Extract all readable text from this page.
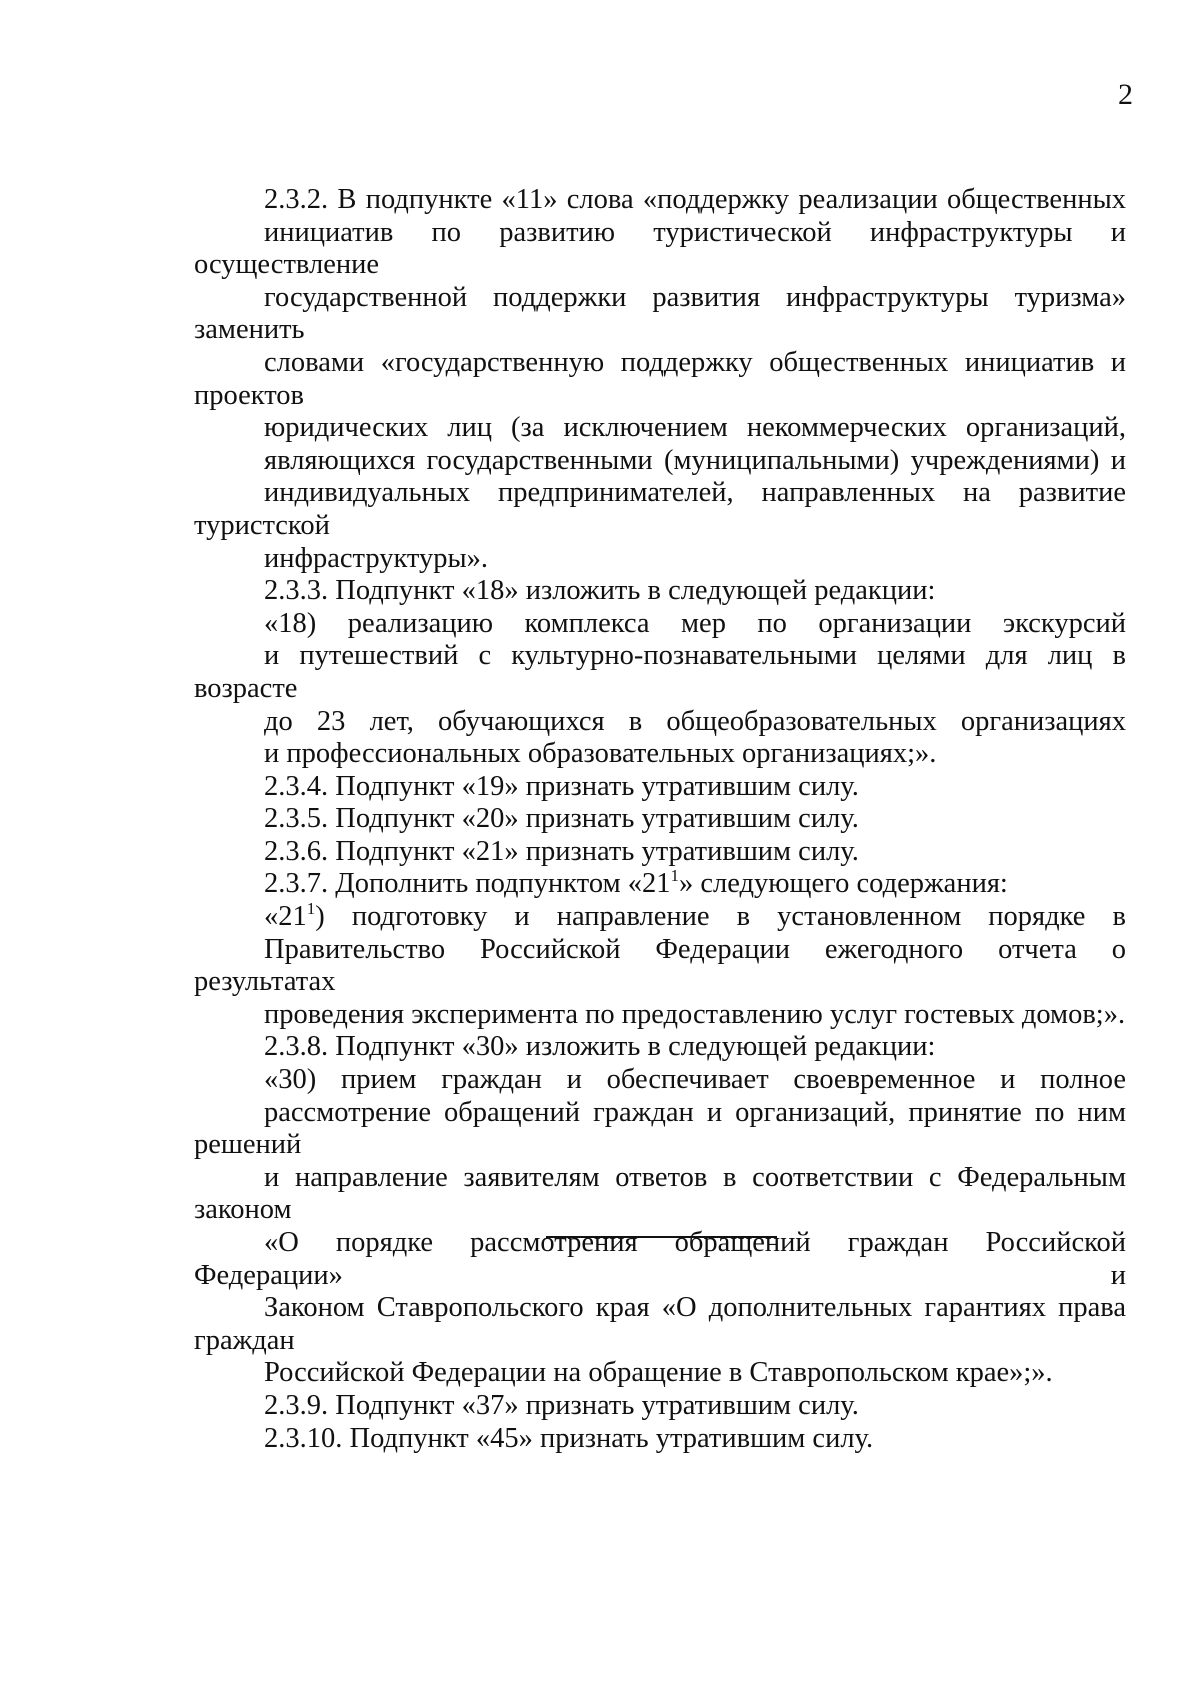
2
2.3.2. В подпункте «11» слова «поддержку реализации общественных
инициатив по развитию туристической инфраструктуры и осуществление
государственной поддержки развития инфраструктуры туризма» заменить
словами «государственную поддержку общественных инициатив и проектов
юридических лиц (за исключением некоммерческих организаций,
являющихся государственными (муниципальными) учреждениями) и
индивидуальных предпринимателей, направленных на развитие туристской
инфраструктуры».
2.3.3. Подпункт «18» изложить в следующей редакции:
«18) реализацию комплекса мер по организации экскурсий
и путешествий с культурно-познавательными целями для лиц в возрасте
до 23 лет, обучающихся в общеобразовательных организациях
и профессиональных образовательных организациях;».
2.3.4. Подпункт «19» признать утратившим силу.
2.3.5. Подпункт «20» признать утратившим силу.
2.3.6. Подпункт «21» признать утратившим силу.
2.3.7. Дополнить подпунктом «$21^1$» следующего содержания:
«$21^1$) подготовку и направление в установленном порядке в
Правительство Российской Федерации ежегодного отчета о результатах
проведения эксперимента по предоставлению услуг гостевых домов;».
2.3.8. Подпункт «30» изложить в следующей редакции:
«30) прием граждан и обеспечивает своевременное и полное
рассмотрение обращений граждан и организаций, принятие по ним решений
и направление заявителям ответов в соответствии с Федеральным законом
«О порядке рассмотрения обращений граждан Российской Федерации» и
Законом Ставропольского края «О дополнительных гарантиях права граждан
Российской Федерации на обращение в Ставропольском крае»;».
2.3.9. Подпункт «37» признать утратившим силу.
2.3.10. Подпункт «45» признать утратившим силу.
